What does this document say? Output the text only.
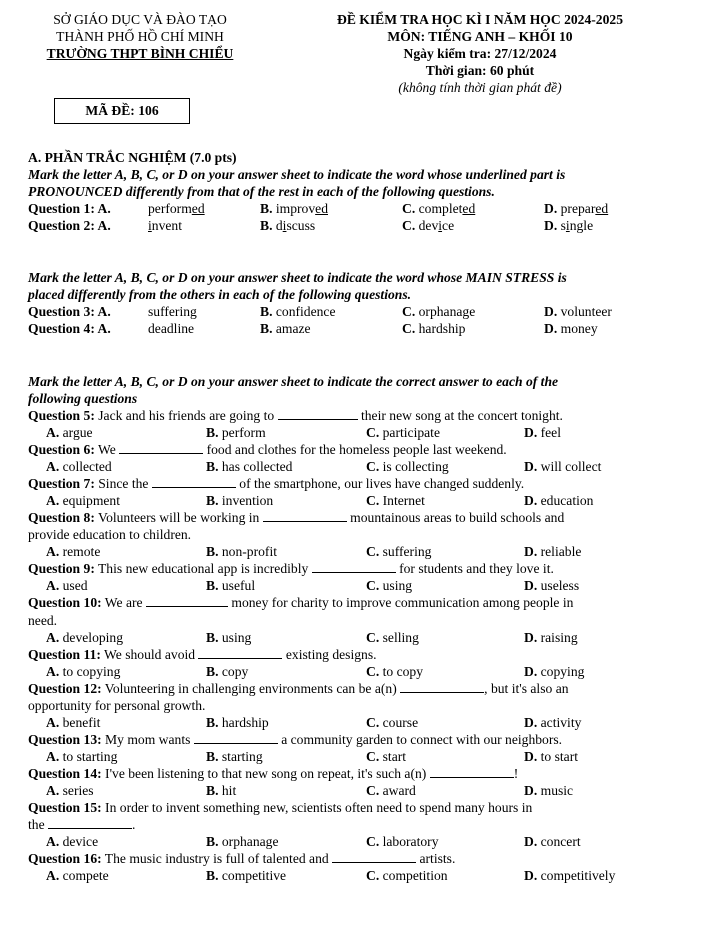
SỞ GIÁO DỤC VÀ ĐÀO TẠO
THÀNH PHỐ HỒ CHÍ MINH
TRƯỜNG THPT BÌNH CHIỂU
ĐỀ KIỂM TRA HỌC KÌ I NĂM HỌC 2024-2025
MÔN: TIẾNG ANH – KHỐI 10
Ngày kiểm tra: 27/12/2024
Thời gian: 60 phút
(không tính thời gian phát đề)
MÃ ĐỀ: 106
A. PHẦN TRẮC NGHIỆM (7.0 pts)
Mark the letter A, B, C, or D on your answer sheet to indicate the word whose underlined part is
PRONOUNCED differently from that of the rest in each of the following questions.
Question 1: A.	performed	B. improved	C. completed	D. prepared
Question 2: A.	invent	B. discuss	C. device	D. single
Mark the letter A, B, C, or D on your answer sheet to indicate the word whose MAIN STRESS is
placed differently from the others in each of the following questions.
Question 3: A.	suffering	B. confidence	C. orphanage	D. volunteer
Question 4: A.	deadline	B. amaze	C. hardship	D. money
Mark the letter A, B, C, or D on your answer sheet to indicate the correct answer to each of the
following questions
Question 5: Jack and his friends are going to	their new song at the concert tonight.
A. argue	B. perform	C. participate	D. feel
Question 6: We	food and clothes for the homeless people last weekend.
A. collected	B. has collected	C. is collecting	D. will collect
Question 7: Since the	of the smartphone, our lives have changed suddenly.
A. equipment	B. invention	C. Internet	D. education
Question 8: Volunteers will be working in	mountainous areas to build schools and
provide education to children.
A. remote	B. non-profit	C. suffering	D. reliable
Question 9: This new educational app is incredibly	for students and they love it.
A. used	B. useful	C. using	D. useless
Question 10: We are	money for charity to improve communication among people in
need.
A. developing	B. using	C. selling	D. raising
Question 11: We should avoid	existing designs.
A. to copying	B. copy	C. to copy	D. copying
Question 12: Volunteering in challenging environments can be a(n)	, but it's also an
opportunity for personal growth.
A. benefit	B. hardship	C. course	D. activity
Question 13: My mom wants	a community garden to connect with our neighbors.
A. to starting	B. starting	C. start	D. to start
Question 14: I've been listening to that new song on repeat, it's such a(n)	!
A. series	B. hit	C. award	D. music
Question 15: In order to invent something new, scientists often need to spend many hours in
the	.
A. device	B. orphanage	C. laboratory	D. concert
Question 16: The music industry is full of talented and	artists.
A. compete	B. competitive	C. competition	D. competitively
